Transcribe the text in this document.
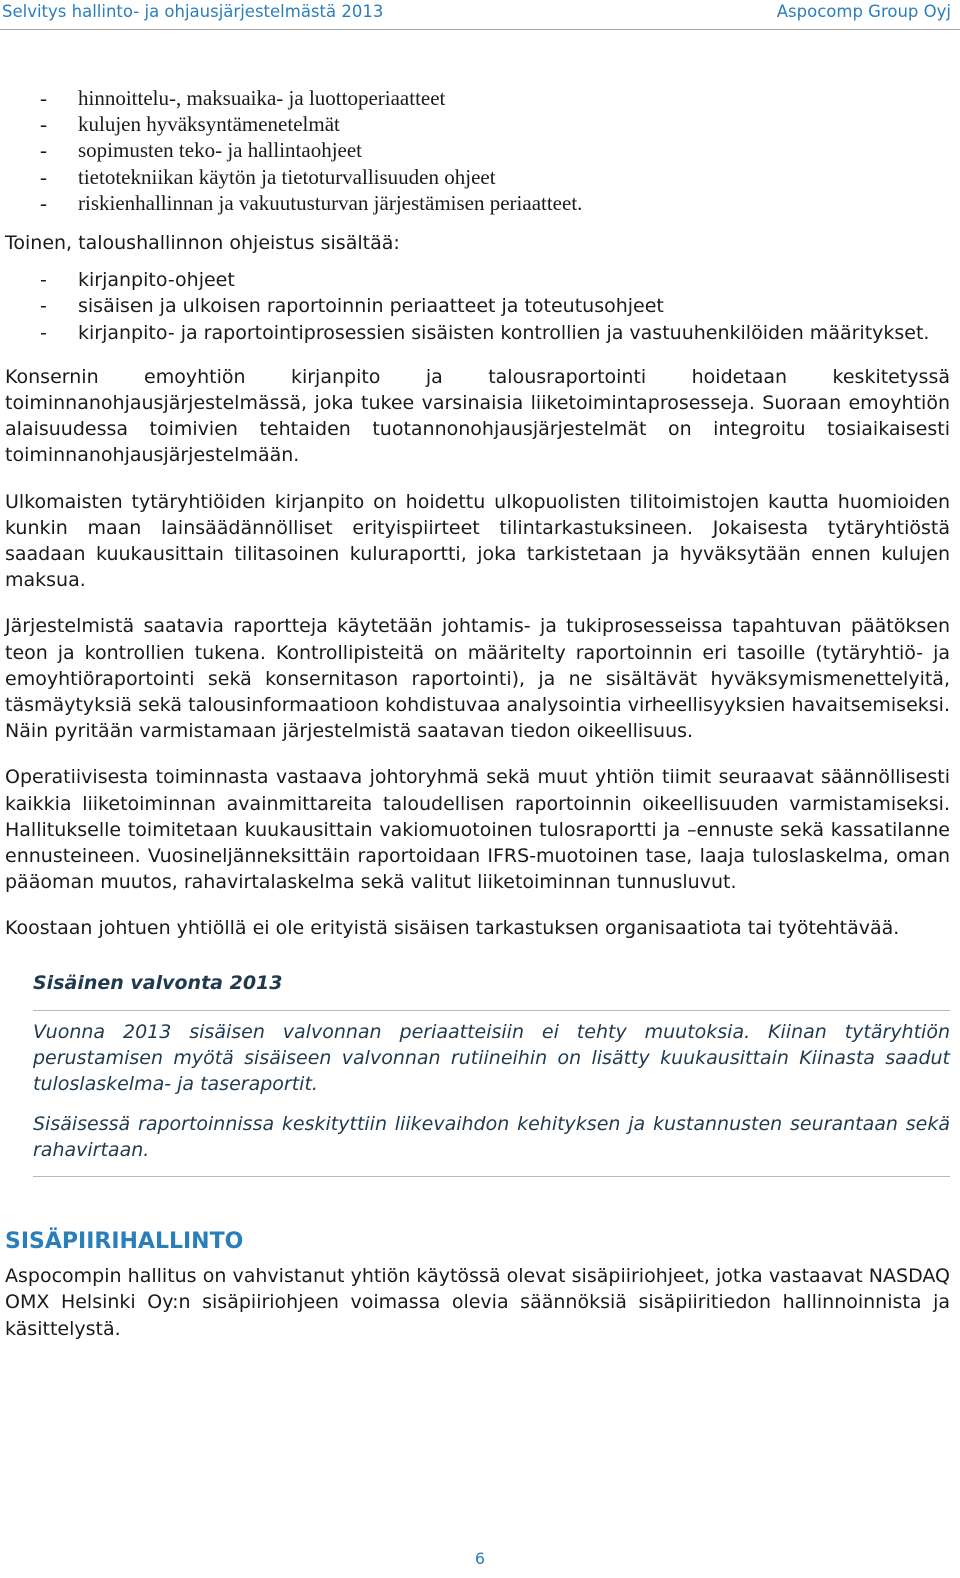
Selvitys hallinto- ja ohjausjärjestelmästä 2013	Aspocomp Group Oyj
- hinnoittelu-, maksuaika- ja luottoperiaatteet
- kulujen hyväksyntämenetelmät
- sopimusten teko- ja hallintaohjeet
- tietotekniikan käytön ja tietoturvallisuuden ohjeet
- riskienhallinnan ja vakuutusturvan järjestämisen periaatteet.

Toinen, taloushallinnon ohjeistus sisältää:

- kirjanpito-ohjeet
- sisäisen ja ulkoisen raportoinnin periaatteet ja toteutusohjeet
- kirjanpito- ja raportointiprosessien sisäisten kontrollien ja vastuuhenkilöiden määritykset.

Konsernin emoyhtiön kirjanpito ja talousraportointi hoidetaan keskitetyssä toiminnanohjausjärjestelmässä, joka tukee varsinaisia liiketoimintaprosesseja. Suoraan emoyhtiön alaisuudessa toimivien tehtaiden tuotannonohjausjärjestelmät on integroitu tosiaikaisesti toiminnanohjausjärjestelmään.

Ulkomaisten tytäryhtiöiden kirjanpito on hoidettu ulkopuolisten tilitoimistojen kautta huomioiden kunkin maan lainsäädännölliset erityispiirteet tilintarkastuksineen. Jokaisesta tytäryhtiöstä saadaan kuukausittain tilitasoinen kuluraportti, joka tarkistetaan ja hyväksytään ennen kulujen maksua.

Järjestelmistä saatavia raportteja käytetään johtamis- ja tukiprosesseissa tapahtuvan päätöksen teon ja kontrollien tukena. Kontrollipisteitä on määritelty raportoinnin eri tasoille (tytäryhtiö- ja emoyhtiöraportointi sekä konsernitason raportointi), ja ne sisältävät hyväksymismenettelyitä, täsmäytyksiä sekä talousinformaatioon kohdistuvaa analysointia virheellisyyksien havaitsemiseksi. Näin pyritään varmistamaan järjestelmistä saatavan tiedon oikeellisuus.

Operatiivisesta toiminnasta vastaava johtoryhmä sekä muut yhtiön tiimit seuraavat säännöllisesti kaikkia liiketoiminnan avainmittareita taloudellisen raportoinnin oikeellisuuden varmistamiseksi. Hallitukselle toimitetaan kuukausittain vakiomuotoinen tulosraportti ja –ennuste sekä kassatilanne ennusteineen. Vuosineljänneksittäin raportoidaan IFRS-muotoinen tase, laaja tuloslaskelma, oman pääoman muutos, rahavirtalaskelma sekä valitut liiketoiminnan tunnusluvut.

Koostaan johtuen yhtiöllä ei ole erityistä sisäisen tarkastuksen organisaatiota tai työtehtävää.

Sisäinen valvonta 2013

Vuonna 2013 sisäisen valvonnan periaatteisiin ei tehty muutoksia. Kiinan tytäryhtiön perustamisen myötä sisäiseen valvonnan rutiineihin on lisätty kuukausittain Kiinasta saadut tuloslaskelma- ja taseraportit.

Sisäisessä raportoinnissa keskityttiin liikevaihdon kehityksen ja kustannusten seurantaan sekä rahavirtaan.

SISÄPIIRIHALLINTO

Aspocompin hallitus on vahvistanut yhtiön käytössä olevat sisäpiiriohjeet, jotka vastaavat NASDAQ OMX Helsinki Oy:n sisäpiiriohjeen voimassa olevia säännöksiä sisäpiiritiedon hallinnoinnista ja käsittelystä.

6
